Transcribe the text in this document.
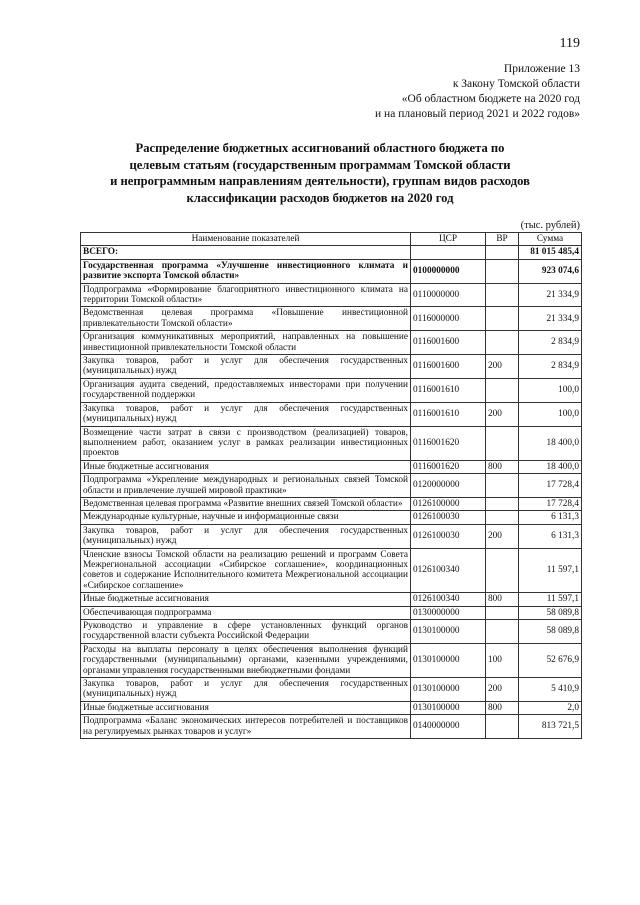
119
Приложение 13
к Закону Томской области
«Об областном бюджете на 2020 год
и на плановый период 2021 и 2022 годов»
Распределение бюджетных ассигнований областного бюджета по
целевым статьям (государственным программам Томской области
и непрограммным направлениям деятельности), группам видов расходов
классификации расходов бюджетов на 2020 год
(тыс. рублей)
Наименование показателей	ЦСР	ВР	Сумма
ВСЕГО:			81 015 485,4
Государственная программа «Улучшение инвестиционного климата и развитие экспорта Томской области»	0100000000		923 074,6
Подпрограмма «Формирование благоприятного инвестиционного климата на территории Томской области»	0110000000		21 334,9
Ведомственная целевая программа «Повышение инвестиционной привлекательности Томской области»	0116000000		21 334,9
Организация коммуникативных мероприятий, направленных на повышение инвестиционной привлекательности Томской области	0116001600		2 834,9
Закупка товаров, работ и услуг для обеспечения государственных (муниципальных) нужд	0116001600	200	2 834,9
Организация аудита сведений, предоставляемых инвесторами при получении государственной поддержки	0116001610		100,0
Закупка товаров, работ и услуг для обеспечения государственных (муниципальных) нужд	0116001610	200	100,0
Возмещение части затрат в связи с производством (реализацией) товаров, выполнением работ, оказанием услуг в рамках реализации инвестиционных проектов	0116001620		18 400,0
Иные бюджетные ассигнования	0116001620	800	18 400,0
Подпрограмма «Укрепление международных и региональных связей Томской области и привлечение лучшей мировой практики»	0120000000		17 728,4
Ведомственная целевая программа «Развитие внешних связей Томской области»	0126100000		17 728,4
Международные культурные, научные и информационные связи	0126100030		6 131,3
Закупка товаров, работ и услуг для обеспечения государственных (муниципальных) нужд	0126100030	200	6 131,3
Членские взносы Томской области на реализацию решений и программ Совета Межрегиональной ассоциации «Сибирское соглашение», координационных советов и содержание Исполнительного комитета Межрегиональной ассоциации «Сибирское соглашение»	0126100340		11 597,1
Иные бюджетные ассигнования	0126100340	800	11 597,1
Обеспечивающая подпрограмма	0130000000		58 089,8
Руководство и управление в сфере установленных функций органов государственной власти субъекта Российской Федерации	0130100000		58 089,8
Расходы на выплаты персоналу в целях обеспечения выполнения функций государственными (муниципальными) органами, казенными учреждениями, органами управления государственными внебюджетными фондами	0130100000	100	52 676,9
Закупка товаров, работ и услуг для обеспечения государственных (муниципальных) нужд	0130100000	200	5 410,9
Иные бюджетные ассигнования	0130100000	800	2,0
Подпрограмма «Баланс экономических интересов потребителей и поставщиков на регулируемых рынках товаров и услуг»	0140000000		813 721,5
